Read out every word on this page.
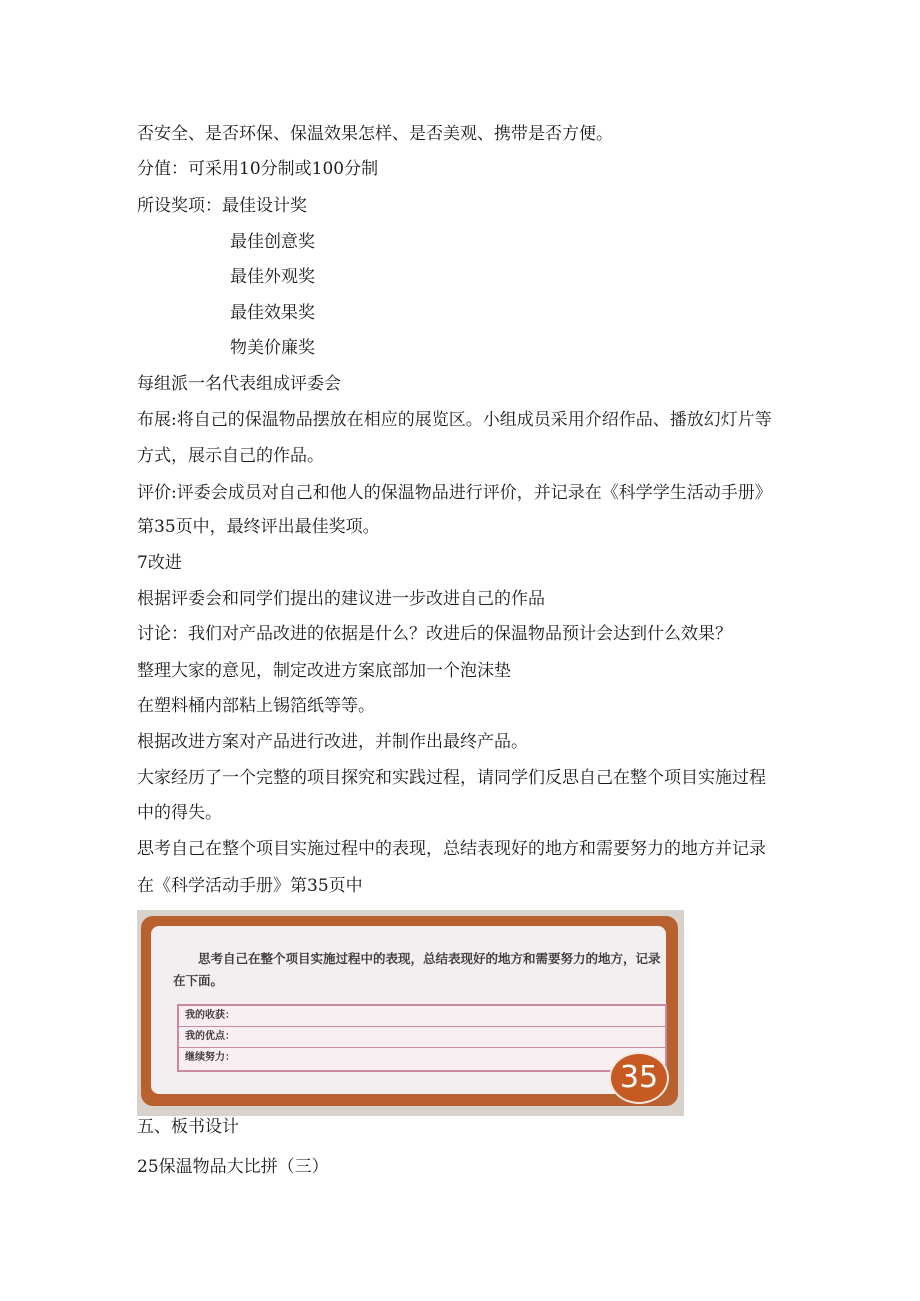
否安全、是否环保、保温效果怎样、是否美观、携带是否方便。

分值：可采用10分制或100分制

所设奖项：最佳设计奖

最佳创意奖

最佳外观奖

最佳效果奖

物美价廉奖

每组派一名代表组成评委会

布展:将自己的保温物品摆放在相应的展览区。小组成员采用介绍作品、播放幻灯片等

方式，展示自己的作品。

评价:评委会成员对自己和他人的保温物品进行评价，并记录在《科学学生活动手册》

第35页中，最终评出最佳奖项。

7改进

根据评委会和同学们提出的建议进一步改进自己的作品

讨论：我们对产品改进的依据是什么？改进后的保温物品预计会达到什么效果？

整理大家的意见，制定改进方案底部加一个泡沫垫

在塑料桶内部粘上锡箔纸等等。

根据改进方案对产品进行改进，并制作出最终产品。

大家经历了一个完整的项目探究和实践过程，请同学们反思自己在整个项目实施过程

中的得失。

思考自己在整个项目实施过程中的表现，总结表现好的地方和需要努力的地方并记录

在《科学活动手册》第35页中

思考自己在整个项目实施过程中的表现，总结表现好的地方和需要努力的地方，记录在下面。
我的收获：
我的优点：
继续努力：
35

五、板书设计

25保温物品大比拼（三）
